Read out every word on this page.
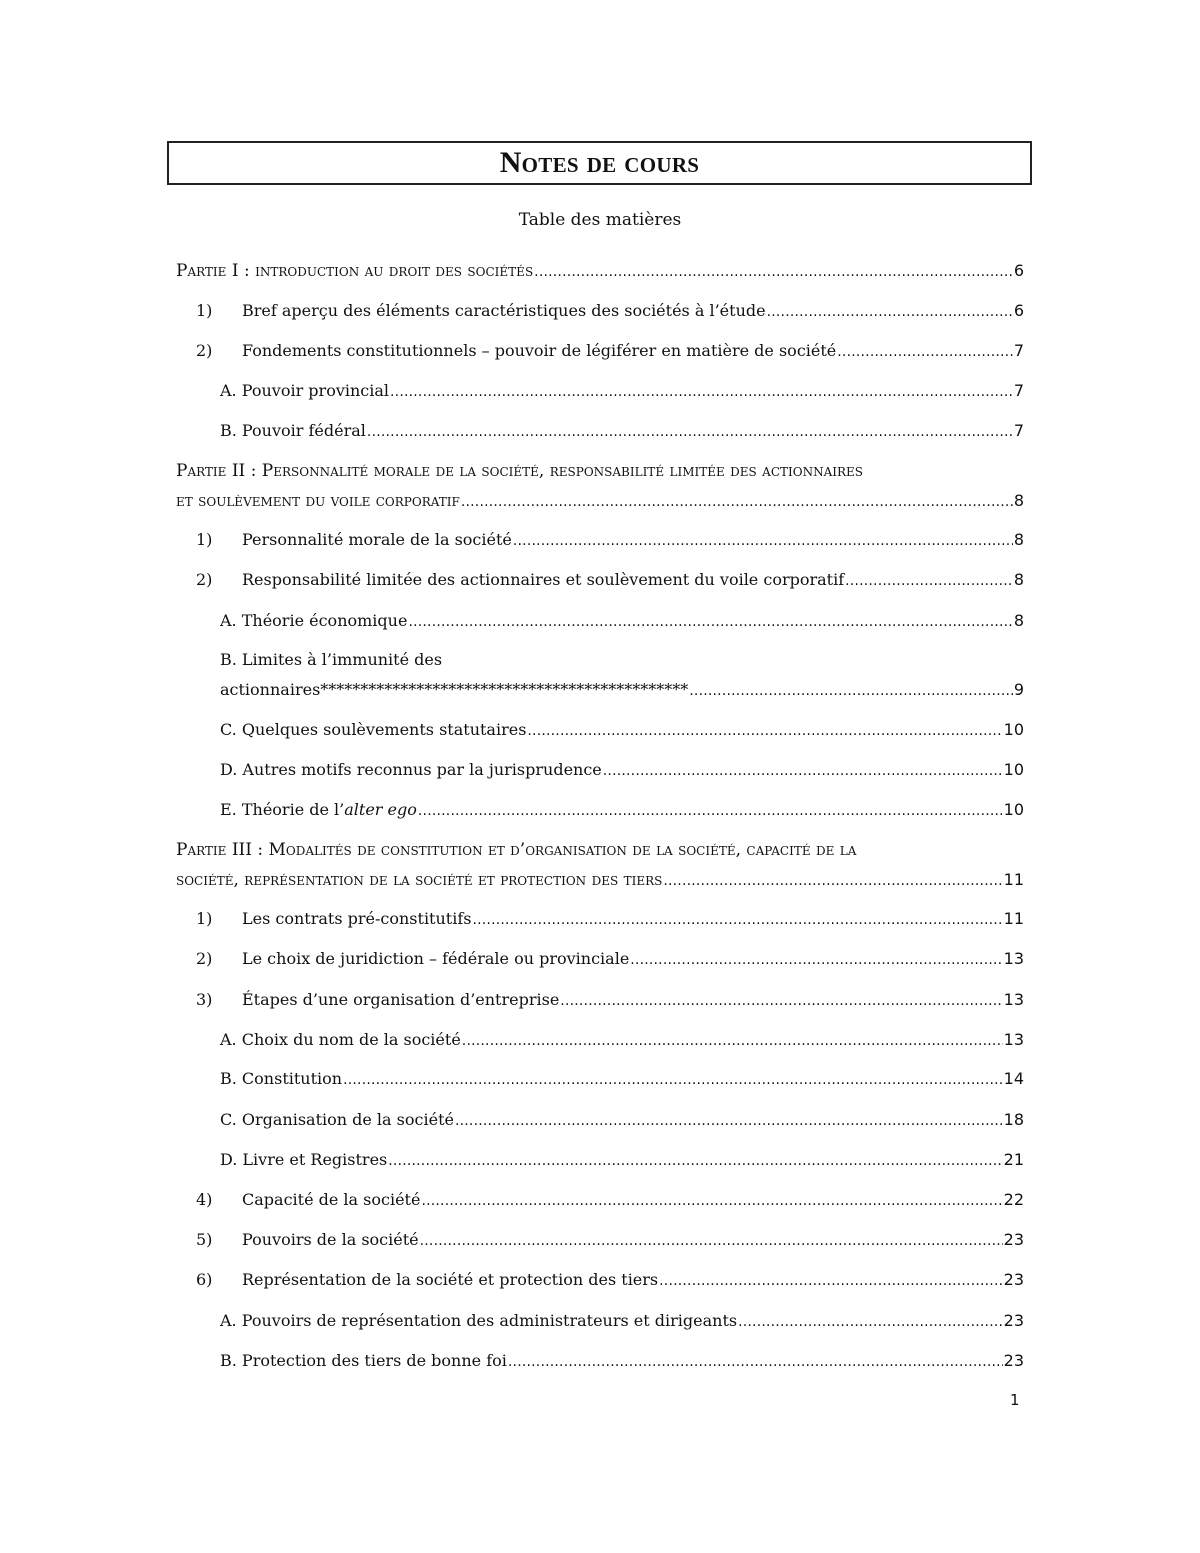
Notes de cours
Table des matières
Partie I : introduction au droit des sociétés .....	6
1)	Bref aperçu des éléments caractéristiques des sociétés à l’étude .....	6
2)	Fondements constitutionnels – pouvoir de légiférer en matière de société .....	7
A. Pouvoir provincial .....	7
B. Pouvoir fédéral .....	7
Partie II : Personnalité morale de la société, responsabilité limitée des actionnaires
et soulèvement du voile corporatif .....	8
1)	Personnalité morale de la société .....	8
2)	Responsabilité limitée des actionnaires et soulèvement du voile corporatif .....	8
A. Théorie économique .....	8
B. Limites à l’immunité des
actionnaires********************************************** .....	9
C. Quelques soulèvements statutaires .....	10
D. Autres motifs reconnus par la jurisprudence .....	10
E. Théorie de l’alter ego .....	10
Partie III : Modalités de constitution et d’organisation de la société, capacité de la
société, représentation de la société et protection des tiers .....	11
1)	Les contrats pré-constitutifs .....	11
2)	Le choix de juridiction – fédérale ou provinciale .....	13
3)	Étapes d’une organisation d’entreprise .....	13
A. Choix du nom de la société .....	13
B. Constitution .....	14
C. Organisation de la société .....	18
D. Livre et Registres .....	21
4)	Capacité de la société .....	22
5)	Pouvoirs de la société .....	23
6)	Représentation de la société et protection des tiers .....	23
A. Pouvoirs de représentation des administrateurs et dirigeants .....	23
B. Protection des tiers de bonne foi .....	23
1
